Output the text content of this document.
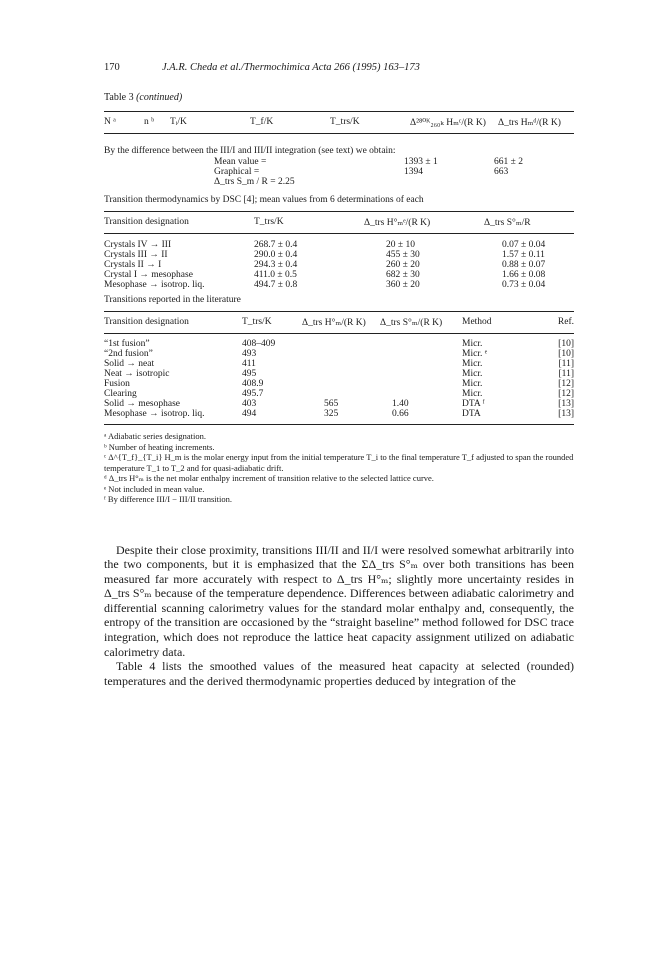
170	J.A.R. Cheda et al./Thermochimica Acta 266 (1995) 163–173
Table 3 (continued)
N ᵃ	n ᵇ	Tᵢ/K	T_f/K	T_trs/K	Δ²⁸⁰ᴷ₂₆₀ₖ Hₘᶜ/(R K)	Δ_trs Hₘᵈ/(R K)
By the difference between the III/I and III/II integration (see text) we obtain:
	Mean value =	1393 ± 1	661 ± 2
	Graphical =	1394	663
	Δ_trs S_m / R = 2.25		
Transition thermodynamics by DSC [4]; mean values from 6 determinations of each
Transition designation	T_trs/K	Δ_trs H°ₘᵉ/(R K)	Δ_trs S°ₘ/R

Crystals IV → III	268.7 ± 0.4	20 ± 10	0.07 ± 0.04
Crystals III → II	290.0 ± 0.4	455 ± 30	1.57 ± 0.11
Crystals II → I	294.3 ± 0.4	260 ± 20	0.88 ± 0.07
Crystal I → mesophase	411.0 ± 0.5	682 ± 30	1.66 ± 0.08
Mesophase → isotrop. liq.	494.7 ± 0.8	360 ± 20	0.73 ± 0.04
Transitions reported in the literature
Transition designation	T_trs/K	Δ_trs H°ₘ/(R K)	Δ_trs S°ₘ/(R K)	Method	Ref.

“1st fusion”	408–409			Micr.	[10]
“2nd fusion”	493			Micr. ᵉ	[10]
Solid → neat	411			Micr.	[11]
Neat → isotropic	495			Micr.	[11]
Fusion	408.9			Micr.	[12]
Clearing	495.7			Micr.	[12]
Solid → mesophase	403	565	1.40	DTA ᶠ	[13]
Mesophase → isotrop. liq.	494	325	0.66	DTA	[13]
ᵃ Adiabatic series designation.
ᵇ Number of heating increments.
ᶜ Δ^{T_f}_{T_i} H_m is the molar energy input from the initial temperature T_i to the final temperature T_f adjusted to span the rounded temperature T_1 to T_2 and for quasi-adiabatic drift.
ᵈ Δ_trs H°ₘ is the net molar enthalpy increment of transition relative to the selected lattice curve.
ᵉ Not included in mean value.
ᶠ By difference III/I − III/II transition.

Despite their close proximity, transitions III/II and II/I were resolved somewhat arbitrarily into the two components, but it is emphasized that the ΣΔ_trs S°ₘ over both transitions has been measured far more accurately with respect to Δ_trs H°ₘ; slightly more uncertainty resides in Δ_trs S°ₘ because of the temperature dependence. Differences between adiabatic calorimetry and differential scanning calorimetry values for the standard molar enthalpy and, consequently, the entropy of the transition are occasioned by the “straight baseline” method followed for DSC trace integration, which does not reproduce the lattice heat capacity assignment utilized on adiabatic calorimetry data.

Table 4 lists the smoothed values of the measured heat capacity at selected (rounded) temperatures and the derived thermodynamic properties deduced by integration of the
